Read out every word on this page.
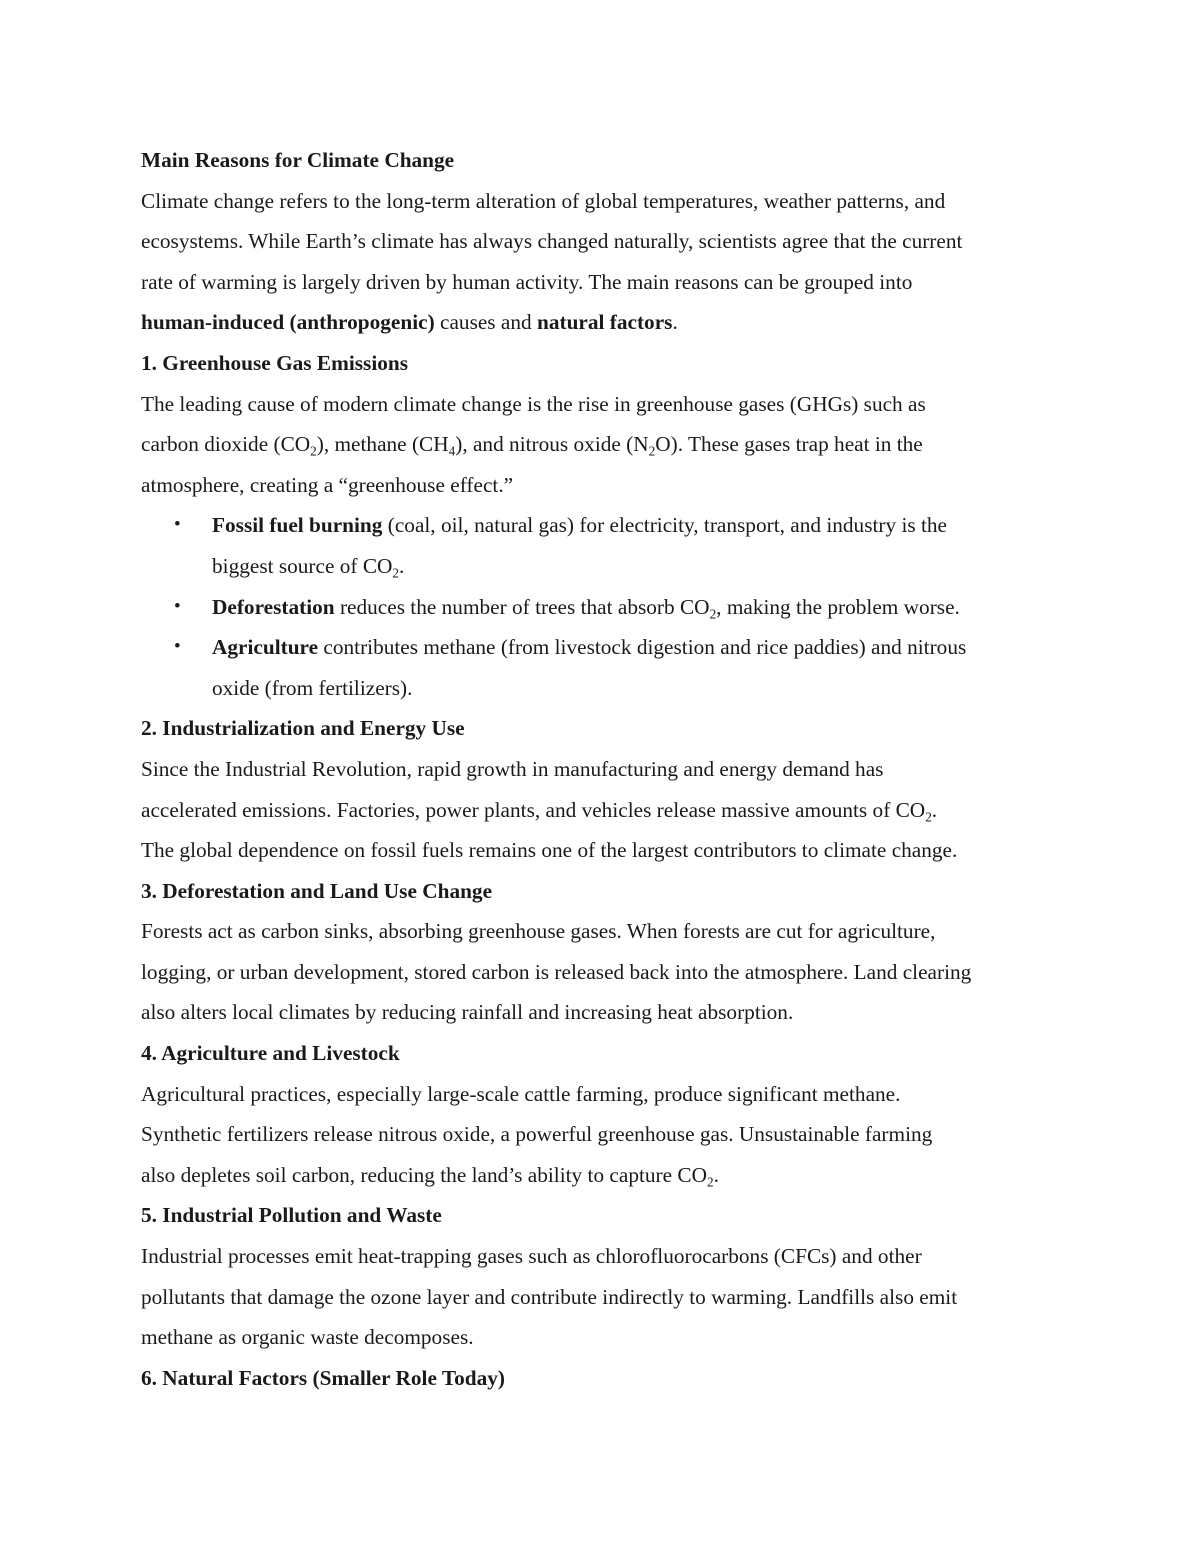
Main Reasons for Climate Change
Climate change refers to the long-term alteration of global temperatures, weather patterns, and
ecosystems. While Earth’s climate has always changed naturally, scientists agree that the current
rate of warming is largely driven by human activity. The main reasons can be grouped into
human-induced (anthropogenic) causes and natural factors.
1. Greenhouse Gas Emissions
The leading cause of modern climate change is the rise in greenhouse gases (GHGs) such as
carbon dioxide $(CO_2)$, methane $(CH_4)$, and nitrous oxide $(N_2O)$. These gases trap heat in the
atmosphere, creating a “greenhouse effect.”
• Fossil fuel burning (coal, oil, natural gas) for electricity, transport, and industry is the
biggest source of $CO_2$.
• Deforestation reduces the number of trees that absorb $CO_2$, making the problem worse.
• Agriculture contributes methane (from livestock digestion and rice paddies) and nitrous
oxide (from fertilizers).
2. Industrialization and Energy Use
Since the Industrial Revolution, rapid growth in manufacturing and energy demand has
accelerated emissions. Factories, power plants, and vehicles release massive amounts of $CO_2$.
The global dependence on fossil fuels remains one of the largest contributors to climate change.
3. Deforestation and Land Use Change
Forests act as carbon sinks, absorbing greenhouse gases. When forests are cut for agriculture,
logging, or urban development, stored carbon is released back into the atmosphere. Land clearing
also alters local climates by reducing rainfall and increasing heat absorption.
4. Agriculture and Livestock
Agricultural practices, especially large-scale cattle farming, produce significant methane.
Synthetic fertilizers release nitrous oxide, a powerful greenhouse gas. Unsustainable farming
also depletes soil carbon, reducing the land’s ability to capture $CO_2$.
5. Industrial Pollution and Waste
Industrial processes emit heat-trapping gases such as chlorofluorocarbons (CFCs) and other
pollutants that damage the ozone layer and contribute indirectly to warming. Landfills also emit
methane as organic waste decomposes.
6. Natural Factors (Smaller Role Today)
